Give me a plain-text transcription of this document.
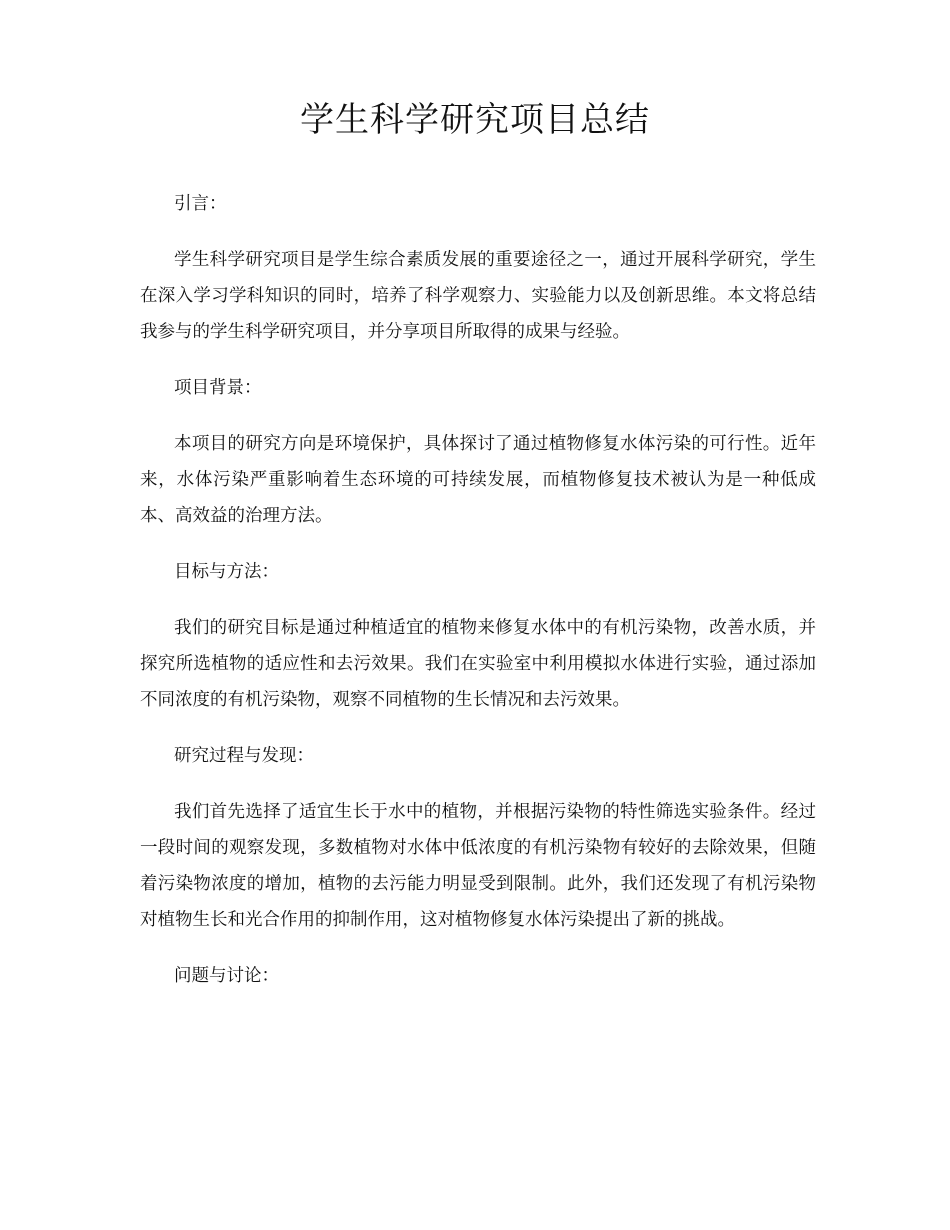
学生科学研究项目总结

引言：

学生科学研究项目是学生综合素质发展的重要途径之一，通过开展科学研究，学生在深入学习学科知识的同时，培养了科学观察力、实验能力以及创新思维。本文将总结我参与的学生科学研究项目，并分享项目所取得的成果与经验。

项目背景：

本项目的研究方向是环境保护，具体探讨了通过植物修复水体污染的可行性。近年来，水体污染严重影响着生态环境的可持续发展，而植物修复技术被认为是一种低成本、高效益的治理方法。

目标与方法：

我们的研究目标是通过种植适宜的植物来修复水体中的有机污染物，改善水质，并探究所选植物的适应性和去污效果。我们在实验室中利用模拟水体进行实验，通过添加不同浓度的有机污染物，观察不同植物的生长情况和去污效果。

研究过程与发现：

我们首先选择了适宜生长于水中的植物，并根据污染物的特性筛选实验条件。经过一段时间的观察发现，多数植物对水体中低浓度的有机污染物有较好的去除效果，但随着污染物浓度的增加，植物的去污能力明显受到限制。此外，我们还发现了有机污染物对植物生长和光合作用的抑制作用，这对植物修复水体污染提出了新的挑战。

问题与讨论：
